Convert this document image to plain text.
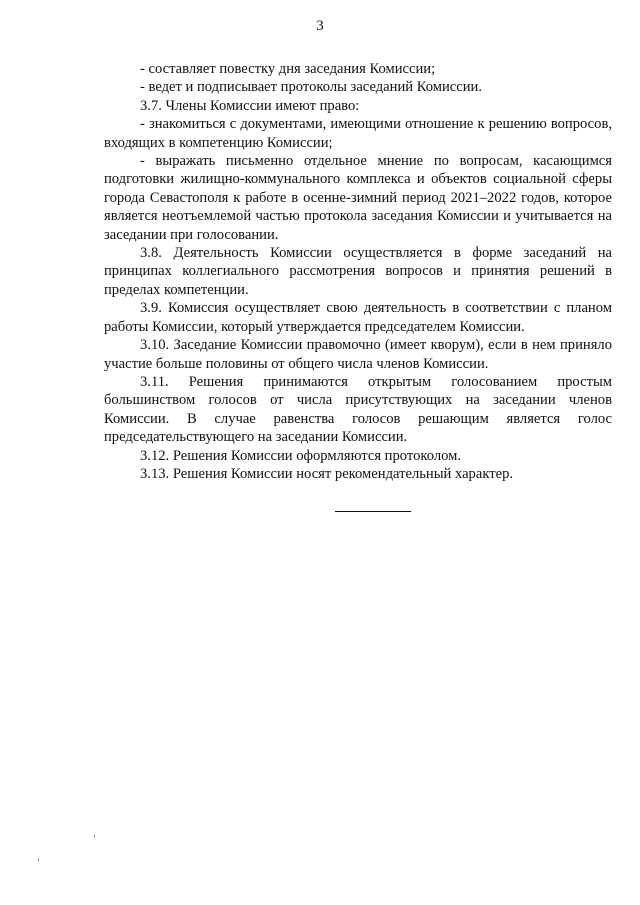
3

- составляет повестку дня заседания Комиссии;

- ведет и подписывает протоколы заседаний Комиссии.

3.7. Члены Комиссии имеют право:

- знакомиться с документами, имеющими отношение к решению вопросов, входящих в компетенцию Комиссии;

- выражать письменно отдельное мнение по вопросам, касающимся подготовки жилищно-коммунального комплекса и объектов социальной сферы города Севастополя к работе в осенне-зимний период 2021–2022 годов, которое является неотъемлемой частью протокола заседания Комиссии и учитывается на заседании при голосовании.

3.8. Деятельность Комиссии осуществляется в форме заседаний на принципах коллегиального рассмотрения вопросов и принятия решений в пределах компетенции.

3.9. Комиссия осуществляет свою деятельность в соответствии с планом работы Комиссии, который утверждается председателем Комиссии.

3.10. Заседание Комиссии правомочно (имеет кворум), если в нем приняло участие больше половины от общего числа членов Комиссии.

3.11. Решения принимаются открытым голосованием простым большинством голосов от числа присутствующих на заседании членов Комиссии. В случае равенства голосов решающим является голос председательствующего на заседании Комиссии.

3.12. Решения Комиссии оформляются протоколом.

3.13. Решения Комиссии носят рекомендательный характер.
